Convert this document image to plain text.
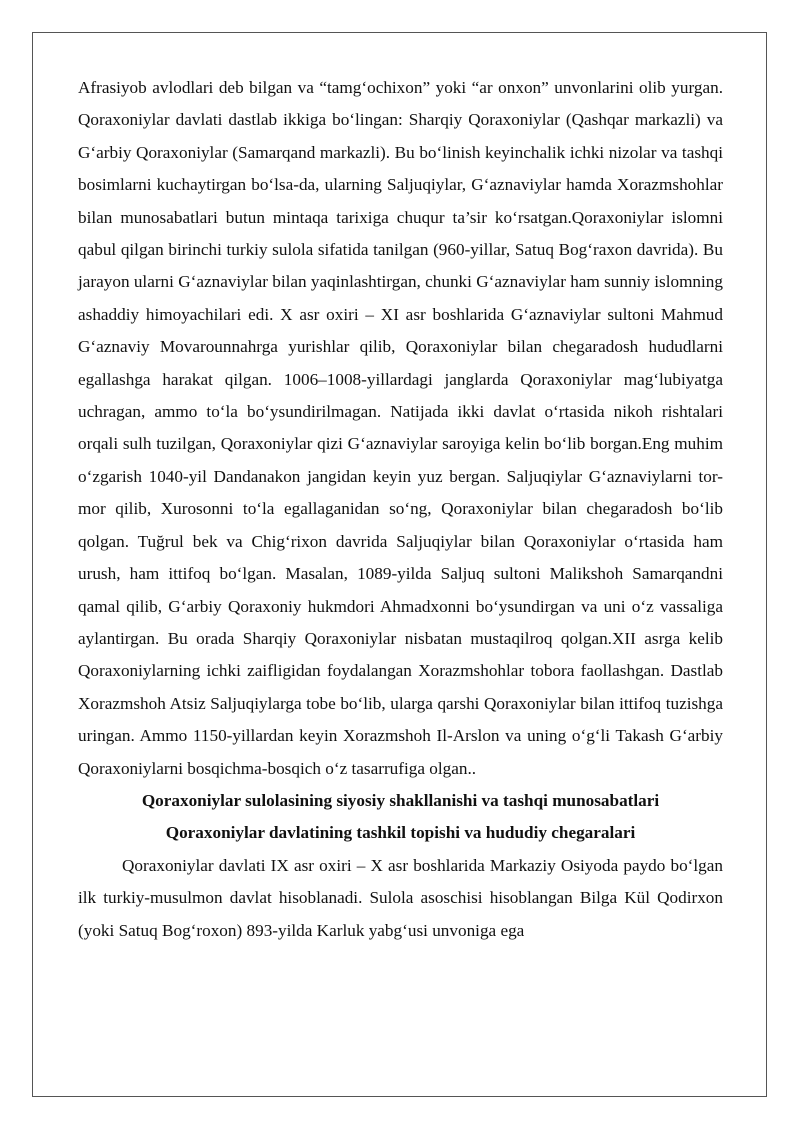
Afrasiyob avlodlari deb bilgan va “tamg‘ochixon” yoki “ar onxon” unvonlarini olib yurgan. Qoraxoniylar davlati dastlab ikkiga bo‘lingan: Sharqiy Qoraxoniylar (Qashqar markazli) va G‘arbiy Qoraxoniylar (Samarqand markazli). Bu bo‘linish keyinchalik ichki nizolar va tashqi bosimlarni kuchaytirgan bo‘lsa-da, ularning Saljuqiylar, G‘aznaviylar hamda Xorazmshohlar bilan munosabatlari butun mintaqa tarixiga chuqur ta’sir ko‘rsatgan.Qoraxoniylar islomni qabul qilgan birinchi turkiy sulola sifatida tanilgan (960-yillar, Satuq Bog‘raxon davrida). Bu jarayon ularni G‘aznaviylar bilan yaqinlashtirgan, chunki G‘aznaviylar ham sunniy islomning ashaddiy himoyachilari edi. X asr oxiri – XI asr boshlarida G‘aznaviylar sultoni Mahmud G‘aznaviy Movarounnahrga yurishlar qilib, Qoraxoniylar bilan chegaradosh hududlarni egallashga harakat qilgan. 1006–1008-yillardagi janglarda Qoraxoniylar mag‘lubiyatga uchragan, ammo to‘la bo‘ysundirilmagan. Natijada ikki davlat o‘rtasida nikoh rishtalari orqali sulh tuzilgan, Qoraxoniylar qizi G‘aznaviylar saroyiga kelin bo‘lib borgan.Eng muhim o‘zgarish 1040-yil Dandanakon jangidan keyin yuz bergan. Saljuqiylar G‘aznaviylarni tor-mor qilib, Xurosonni to‘la egallaganidan so‘ng, Qoraxoniylar bilan chegaradosh bo‘lib qolgan. Tuğrul bek va Chig‘rixon davrida Saljuqiylar bilan Qoraxoniylar o‘rtasida ham urush, ham ittifoq bo‘lgan. Masalan, 1089-yilda Saljuq sultoni Malikshoh Samarqandni qamal qilib, G‘arbiy Qoraxoniy hukmdori Ahmadxonni bo‘ysundirgan va uni o‘z vassaliga aylantirgan. Bu orada Sharqiy Qoraxoniylar nisbatan mustaqilroq qolgan.XII asrga kelib Qoraxoniylarning ichki zaifligidan foydalangan Xorazmshohlar tobora faollashgan. Dastlab Xorazmshoh Atsiz Saljuqiylarga tobe bo‘lib, ularga qarshi Qoraxoniylar bilan ittifoq tuzishga uringan. Ammo 1150-yillardan keyin Xorazmshoh Il-Arslon va uning o‘g‘li Takash G‘arbiy Qoraxoniylarni bosqichma-bosqich o‘z tasarrufiga olgan..

Qoraxoniylar sulolasining siyosiy shakllanishi va tashqi munosabatlari

Qoraxoniylar davlatining tashkil topishi va hududiy chegaralari

Qoraxoniylar davlati IX asr oxiri – X asr boshlarida Markaziy Osiyoda paydo bo‘lgan ilk turkiy-musulmon davlat hisoblanadi. Sulola asoschisi hisoblangan Bilga Kül Qodirxon (yoki Satuq Bog‘roxon) 893-yilda Karluk yabg‘usi unvoniga ega
